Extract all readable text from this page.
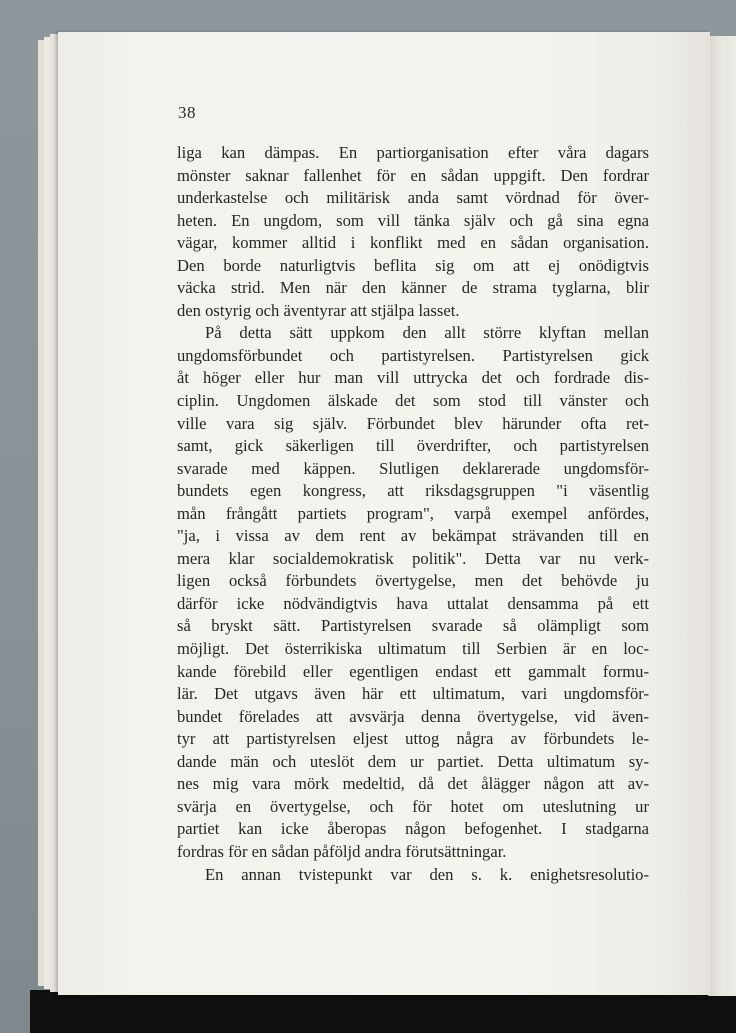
38
liga kan dämpas. En partiorganisation efter våra dagars
mönster saknar fallenhet för en sådan uppgift. Den fordrar
underkastelse och militärisk anda samt vördnad för över-
heten. En ungdom, som vill tänka själv och gå sina egna
vägar, kommer alltid i konflikt med en sådan organisation.
Den borde naturligtvis beflita sig om att ej onödigtvis
väcka strid. Men när den känner de strama tyglarna, blir
den ostyrig och äventyrar att stjälpa lasset.
På detta sätt uppkom den allt större klyftan mellan
ungdomsförbundet och partistyrelsen. Partistyrelsen gick
åt höger eller hur man vill uttrycka det och fordrade dis-
ciplin. Ungdomen älskade det som stod till vänster och
ville vara sig själv. Förbundet blev härunder ofta ret-
samt, gick säkerligen till överdrifter, och partistyrelsen
svarade med käppen. Slutligen deklarerade ungdomsför-
bundets egen kongress, att riksdagsgruppen "i väsentlig
mån frångått partiets program", varpå exempel anfördes,
"ja, i vissa av dem rent av bekämpat strävanden till en
mera klar socialdemokratisk politik". Detta var nu verk-
ligen också förbundets övertygelse, men det behövde ju
därför icke nödvändigtvis hava uttalat densamma på ett
så bryskt sätt. Partistyrelsen svarade så olämpligt som
möjligt. Det österrikiska ultimatum till Serbien är en loc-
kande förebild eller egentligen endast ett gammalt formu-
lär. Det utgavs även här ett ultimatum, vari ungdomsför-
bundet förelades att avsvärja denna övertygelse, vid även-
tyr att partistyrelsen eljest uttog några av förbundets le-
dande män och uteslöt dem ur partiet. Detta ultimatum sy-
nes mig vara mörk medeltid, då det ålägger någon att av-
svärja en övertygelse, och för hotet om uteslutning ur
partiet kan icke åberopas någon befogenhet. I stadgarna
fordras för en sådan påföljd andra förutsättningar.
En annan tvistepunkt var den s. k. enighetsresolutio-
